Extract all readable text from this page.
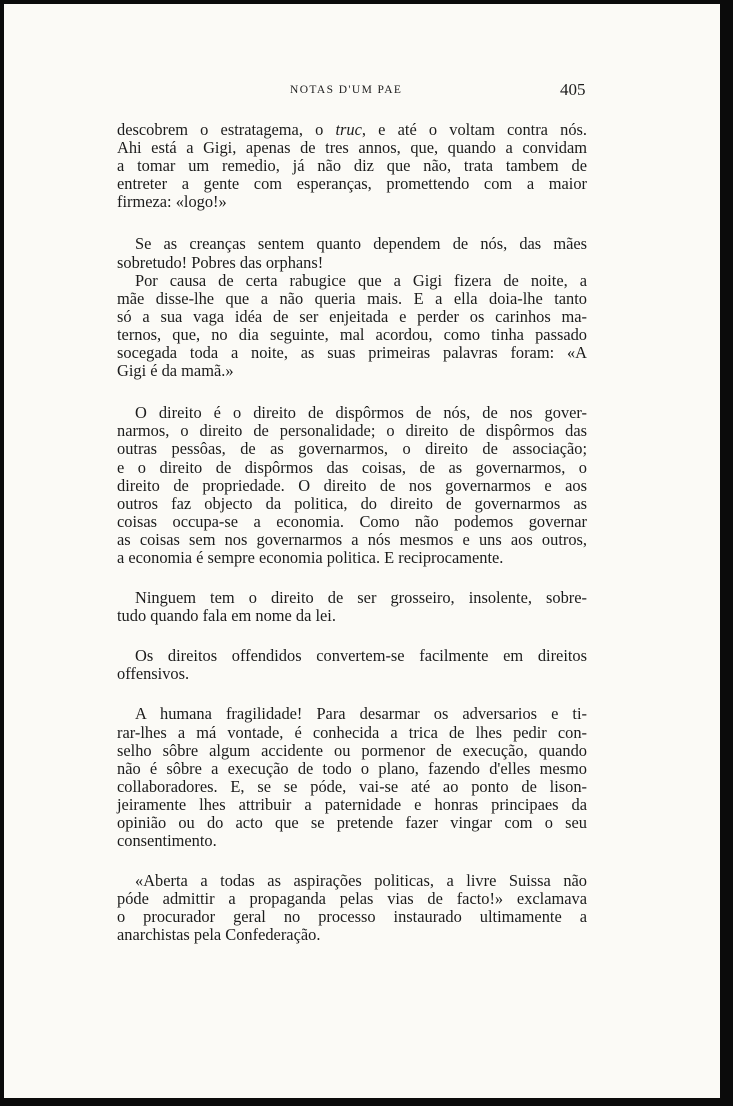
NOTAS D'UM PAE	405

descobrem o estratagema, o truc, e até o voltam contra nós.
Ahi está a Gigi, apenas de tres annos, que, quando a convidam
a tomar um remedio, já não diz que não, trata tambem de
entreter a gente com esperanças, promettendo com a maior
firmeza: «logo!»

Se as creanças sentem quanto dependem de nós, das mães
sobretudo! Pobres das orphans!

Por causa de certa rabugice que a Gigi fizera de noite, a
mãe disse-lhe que a não queria mais. E a ella doia-lhe tanto
só a sua vaga idéa de ser enjeitada e perder os carinhos ma-
ternos, que, no dia seguinte, mal acordou, como tinha passado
socegada toda a noite, as suas primeiras palavras foram: «A
Gigi é da mamã.»

O direito é o direito de dispôrmos de nós, de nos gover-
narmos, o direito de personalidade; o direito de dispôrmos das
outras pessôas, de as governarmos, o direito de associação;
e o direito de dispôrmos das coisas, de as governarmos, o
direito de propriedade. O direito de nos governarmos e aos
outros faz objecto da politica, do direito de governarmos as
coisas occupa-se a economia. Como não podemos governar
as coisas sem nos governarmos a nós mesmos e uns aos outros,
a economia é sempre economia politica. E reciprocamente.

Ninguem tem o direito de ser grosseiro, insolente, sobre-
tudo quando fala em nome da lei.

Os direitos offendidos convertem-se facilmente em direitos
offensivos.

A humana fragilidade! Para desarmar os adversarios e ti-
rar-lhes a má vontade, é conhecida a trica de lhes pedir con-
selho sôbre algum accidente ou pormenor de execução, quando
não é sôbre a execução de todo o plano, fazendo d'elles mesmo
collaboradores. E, se se póde, vai-se até ao ponto de lison-
jeiramente lhes attribuir a paternidade e honras principaes da
opinião ou do acto que se pretende fazer vingar com o seu
consentimento.

«Aberta a todas as aspirações politicas, a livre Suissa não
póde admittir a propaganda pelas vias de facto!» exclamava
o procurador geral no processo instaurado ultimamente a
anarchistas pela Confederação.
